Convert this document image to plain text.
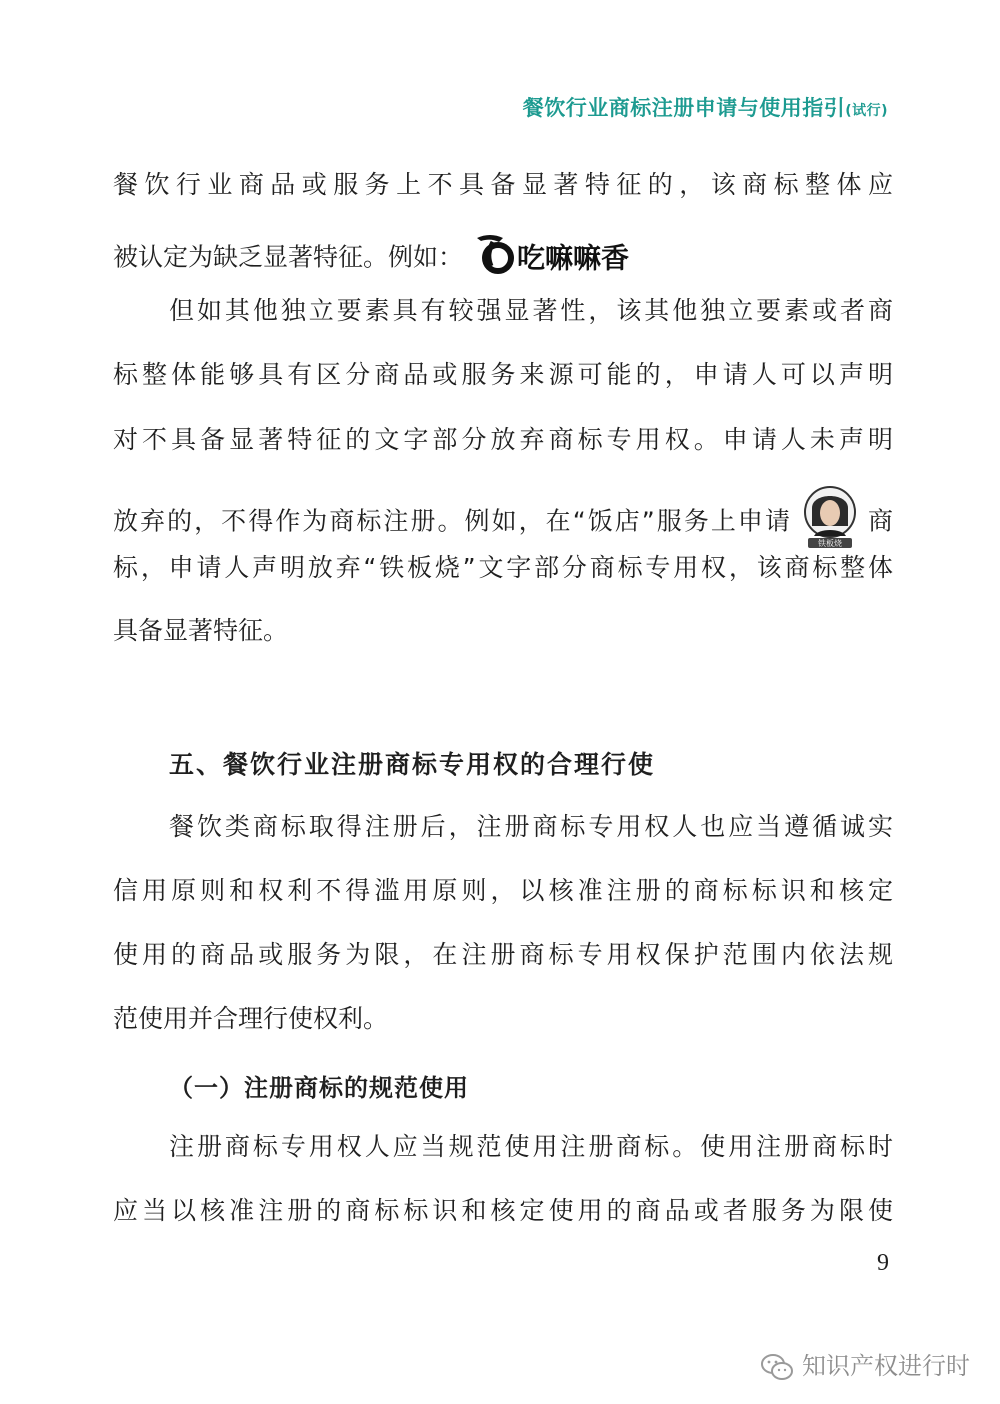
餐饮行业商标注册申请与使用指引(试行)
餐饮行业商品或服务上不具备显著特征的，该商标整体应
被认定为缺乏显著特征。例如： 吃嘛嘛香
但如其他独立要素具有较强显著性，该其他独立要素或者商
标整体能够具有区分商品或服务来源可能的，申请人可以声明
对不具备显著特征的文字部分放弃商标专用权。申请人未声明
放弃的，不得作为商标注册。例如，在“饭店”服务上申请
铁板烧
商
标，申请人声明放弃“铁板烧”文字部分商标专用权，该商标整体
具备显著特征。
五、餐饮行业注册商标专用权的合理行使
餐饮类商标取得注册后，注册商标专用权人也应当遵循诚实
信用原则和权利不得滥用原则，以核准注册的商标标识和核定
使用的商品或服务为限，在注册商标专用权保护范围内依法规
范使用并合理行使权利。
（一）注册商标的规范使用
注册商标专用权人应当规范使用注册商标。使用注册商标时
应当以核准注册的商标标识和核定使用的商品或者服务为限使
9
知识产权进行时
